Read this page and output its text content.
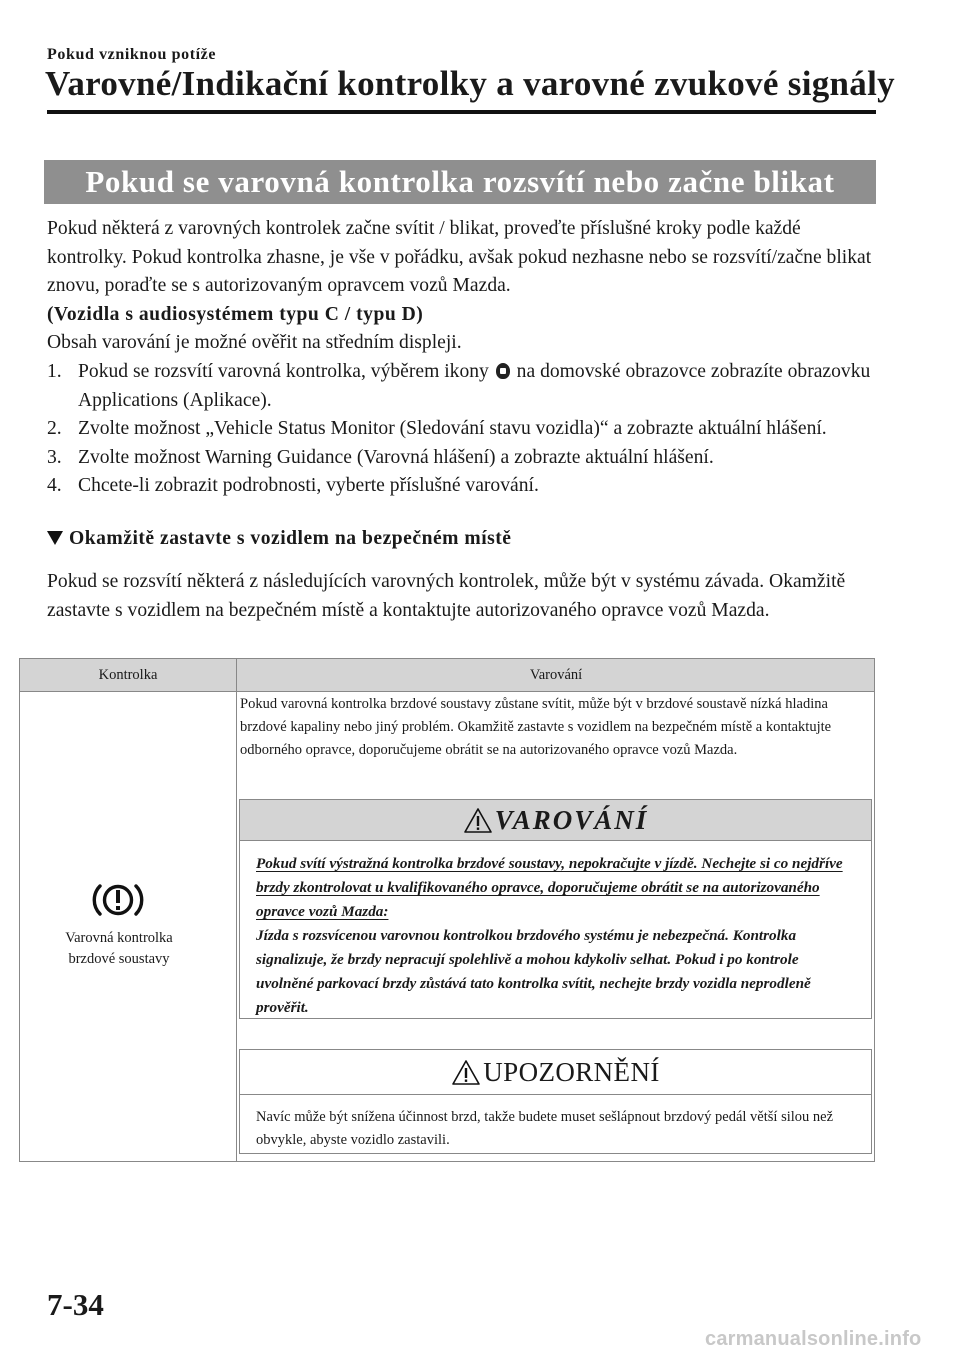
Pokud vzniknou potíže
Varovné/Indikační kontrolky a varovné zvukové signály
Pokud se varovná kontrolka rozsvítí nebo začne blikat

Pokud některá z varovných kontrolek začne svítit / blikat, proveďte příslušné kroky podle každé kontrolky. Pokud kontrolka zhasne, je vše v pořádku, avšak pokud nezhasne nebo se rozsvítí/začne blikat znovu, poraďte se s autorizovaným opravcem vozů Mazda.

(Vozidla s audiosystémem typu C / typu D)

Obsah varování je možné ověřit na středním displeji.

1. Pokud se rozsvítí varovná kontrolka, výběrem ikony na domovské obrazovce zobrazíte obrazovku Applications (Aplikace).
2. Zvolte možnost „Vehicle Status Monitor (Sledování stavu vozidla)“ a zobrazte aktuální hlášení.
3. Zvolte možnost Warning Guidance (Varovná hlášení) a zobrazte aktuální hlášení.
4. Chcete-li zobrazit podrobnosti, vyberte příslušné varování.
Okamžitě zastavte s vozidlem na bezpečném místě
Pokud se rozsvítí některá z následujících varovných kontrolek, může být v systému závada. Okamžitě zastavte s vozidlem na bezpečném místě a kontaktujte autorizovaného opravce vozů Mazda.
Kontrolka	Varování
Varovná kontrolka brzdové soustavy
Pokud varovná kontrolka brzdové soustavy zůstane svítit, může být v brzdové soustavě nízká hladina brzdové kapaliny nebo jiný problém. Okamžitě zastavte s vozidlem na bezpečném místě a kontaktujte odborného opravce, doporučujeme obrátit se na autorizovaného opravce vozů Mazda.
VAROVÁNÍ
Pokud svítí výstražná kontrolka brzdové soustavy, nepokračujte v jízdě. Nechejte si co nejdříve brzdy zkontrolovat u kvalifikovaného opravce, doporučujeme obrátit se na autorizovaného opravce vozů Mazda:
Jízda s rozsvícenou varovnou kontrolkou brzdového systému je nebezpečná. Kontrolka signalizuje, že brzdy nepracují spolehlivě a mohou kdykoliv selhat. Pokud i po kontrole uvolněné parkovací brzdy zůstává tato kontrolka svítit, nechejte brzdy vozidla neprodleně prověřit.
UPOZORNĚNÍ
Navíc může být snížena účinnost brzd, takže budete muset sešlápnout brzdový pedál větší silou než obvykle, abyste vozidlo zastavili.
7-34
carmanualsonline.info
